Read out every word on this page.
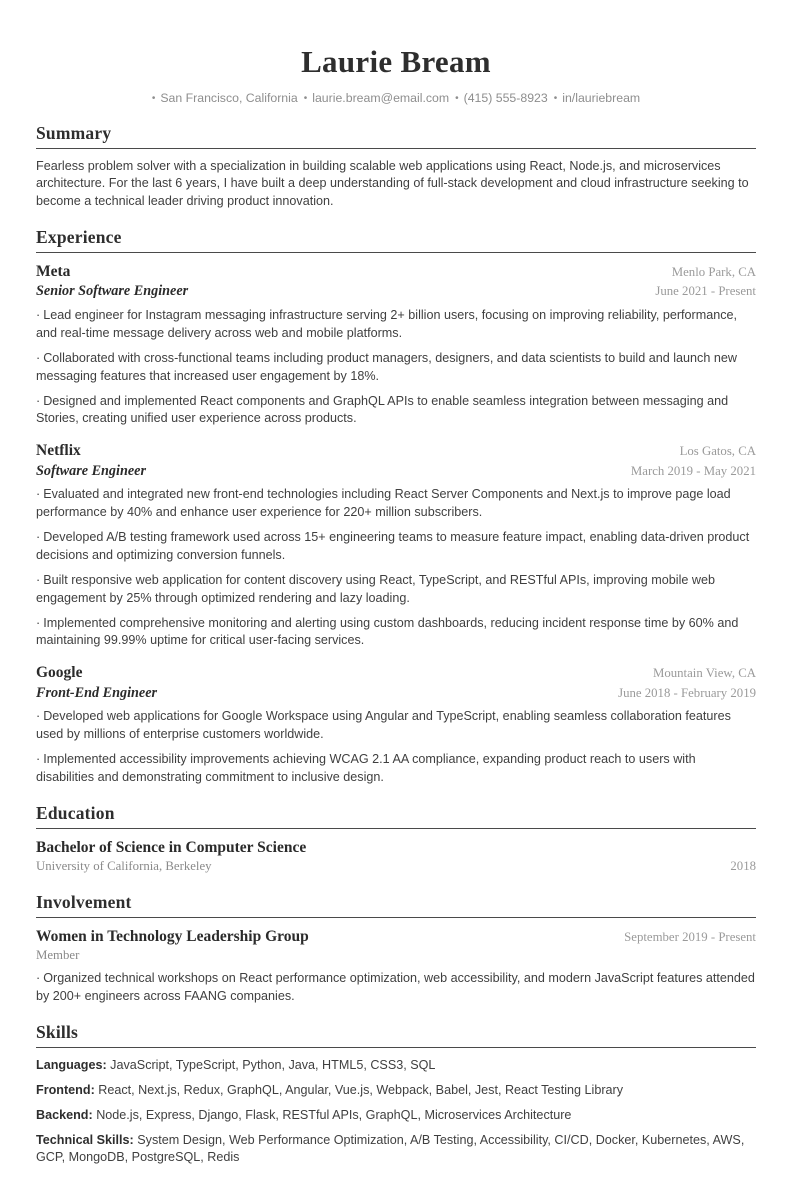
Laurie Bream
• San Francisco, California • laurie.bream@email.com • (415) 555-8923 • in/lauriebream
Summary
Fearless problem solver with a specialization in building scalable web applications using React, Node.js, and microservices architecture. For the last 6 years, I have built a deep understanding of full-stack development and cloud infrastructure seeking to become a technical leader driving product innovation.
Experience
Meta	Menlo Park, CA
Senior Software Engineer	June 2021 - Present
· Lead engineer for Instagram messaging infrastructure serving 2+ billion users, focusing on improving reliability, performance, and real-time message delivery across web and mobile platforms.
· Collaborated with cross-functional teams including product managers, designers, and data scientists to build and launch new messaging features that increased user engagement by 18%.
· Designed and implemented React components and GraphQL APIs to enable seamless integration between messaging and Stories, creating unified user experience across products.
Netflix	Los Gatos, CA
Software Engineer	March 2019 - May 2021
· Evaluated and integrated new front-end technologies including React Server Components and Next.js to improve page load performance by 40% and enhance user experience for 220+ million subscribers.
· Developed A/B testing framework used across 15+ engineering teams to measure feature impact, enabling data-driven product decisions and optimizing conversion funnels.
· Built responsive web application for content discovery using React, TypeScript, and RESTful APIs, improving mobile web engagement by 25% through optimized rendering and lazy loading.
· Implemented comprehensive monitoring and alerting using custom dashboards, reducing incident response time by 60% and maintaining 99.99% uptime for critical user-facing services.
Google	Mountain View, CA
Front-End Engineer	June 2018 - February 2019
· Developed web applications for Google Workspace using Angular and TypeScript, enabling seamless collaboration features used by millions of enterprise customers worldwide.
· Implemented accessibility improvements achieving WCAG 2.1 AA compliance, expanding product reach to users with disabilities and demonstrating commitment to inclusive design.
Education
Bachelor of Science in Computer Science
University of California, Berkeley	2018
Involvement
Women in Technology Leadership Group	September 2019 - Present
Member
· Organized technical workshops on React performance optimization, web accessibility, and modern JavaScript features attended by 200+ engineers across FAANG companies.
Skills
Languages: JavaScript, TypeScript, Python, Java, HTML5, CSS3, SQL
Frontend: React, Next.js, Redux, GraphQL, Angular, Vue.js, Webpack, Babel, Jest, React Testing Library
Backend: Node.js, Express, Django, Flask, RESTful APIs, GraphQL, Microservices Architecture
Technical Skills: System Design, Web Performance Optimization, A/B Testing, Accessibility, CI/CD, Docker, Kubernetes, AWS, GCP, MongoDB, PostgreSQL, Redis
